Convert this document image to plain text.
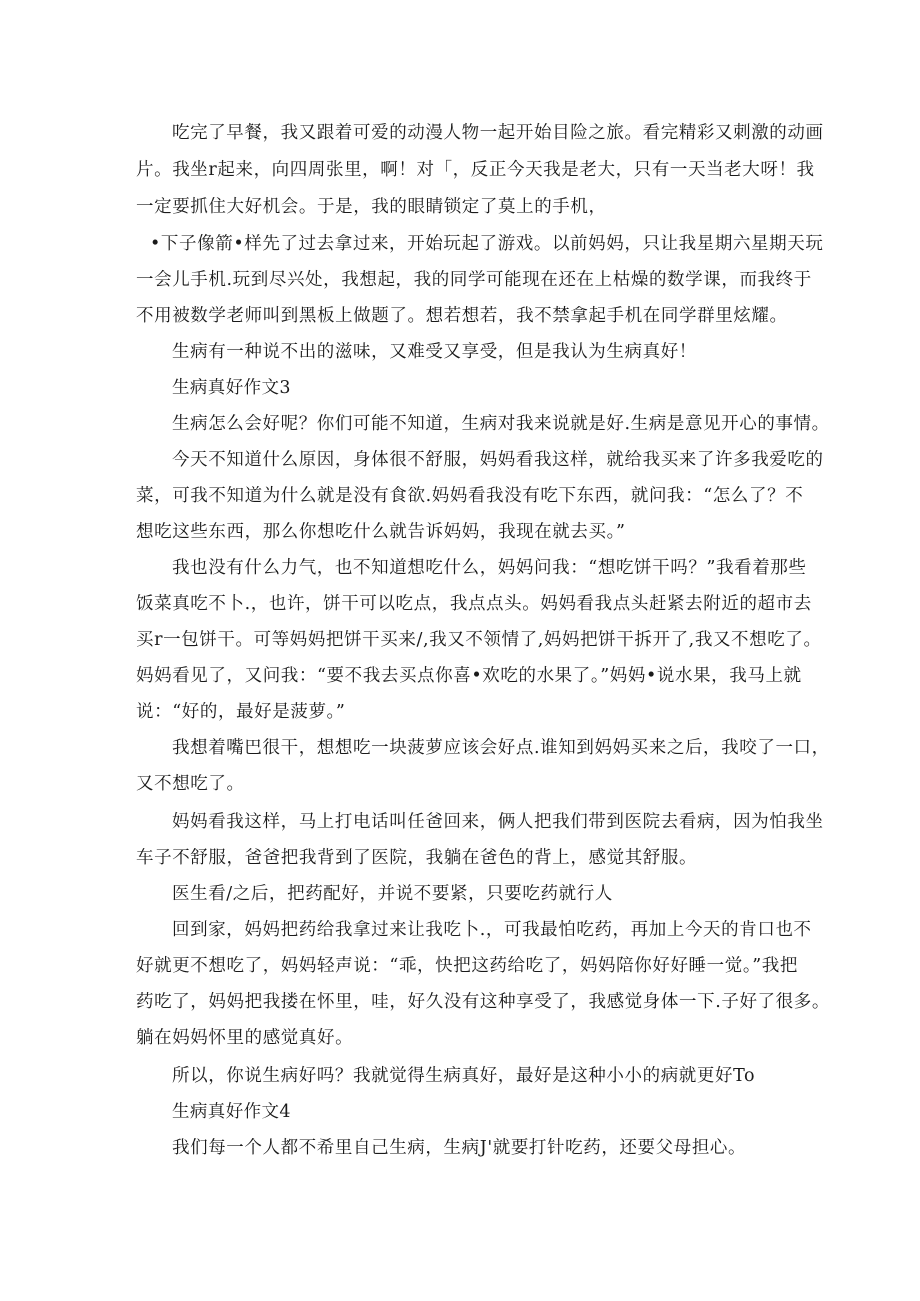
吃完了早餐，我又跟着可爱的动漫人物一起开始目险之旅。看完精彩又刺激的动画
片。我坐r起来，向四周张里，啊！对「，反正今天我是老大，只有一天当老大呀！我
一定要抓住大好机会。于是，我的眼睛锁定了莫上的手机，
•下子像箭•样先了过去拿过来，开始玩起了游戏。以前妈妈，只让我星期六星期天玩
一会儿手机.玩到尽兴处，我想起，我的同学可能现在还在上枯燥的数学课，而我终于
不用被数学老师叫到黑板上做题了。想若想若，我不禁拿起手机在同学群里炫耀。
生病有一种说不出的滋味，又难受又享受，但是我认为生病真好！
生病真好作文3
生病怎么会好呢？你们可能不知道，生病对我来说就是好.生病是意见开心的事情。
今天不知道什么原因，身体很不舒服，妈妈看我这样，就给我买来了许多我爱吃的
菜，可我不知道为什么就是没有食欲.妈妈看我没有吃下东西，就问我：“怎么了？不
想吃这些东西，那么你想吃什么就告诉妈妈，我现在就去买。”
我也没有什么力气，也不知道想吃什么，妈妈问我：“想吃饼干吗？”我看着那些
饭菜真吃不卜.，也许，饼干可以吃点，我点点头。妈妈看我点头赶紧去附近的超市去
买r一包饼干。可等妈妈把饼干买来/,我又不领情了,妈妈把饼干拆开了,我又不想吃了。
妈妈看见了，又问我：“要不我去买点你喜•欢吃的水果了。”妈妈•说水果，我马上就
说：“好的，最好是菠萝。”
我想着嘴巴很干，想想吃一块菠萝应该会好点.谁知到妈妈买来之后，我咬了一口，
又不想吃了。
妈妈看我这样，马上打电话叫任爸回来，俩人把我们带到医院去看病，因为怕我坐
车子不舒服，爸爸把我背到了医院，我躺在爸色的背上，感觉其舒服。
医生看/之后，把药配好，并说不要紧，只要吃药就行人
回到家，妈妈把药给我拿过来让我吃卜.，可我最怕吃药，再加上今天的肯口也不
好就更不想吃了，妈妈轻声说：“乖，快把这药给吃了，妈妈陪你好好睡一觉。”我把
药吃了，妈妈把我搂在怀里，哇，好久没有这种享受了，我感觉身体一下.子好了很多。
躺在妈妈怀里的感觉真好。
所以，你说生病好吗？我就觉得生病真好，最好是这种小小的病就更好To
生病真好作文4
我们每一个人都不希里自己生病，生病J'就要打针吃药，还要父母担心。
